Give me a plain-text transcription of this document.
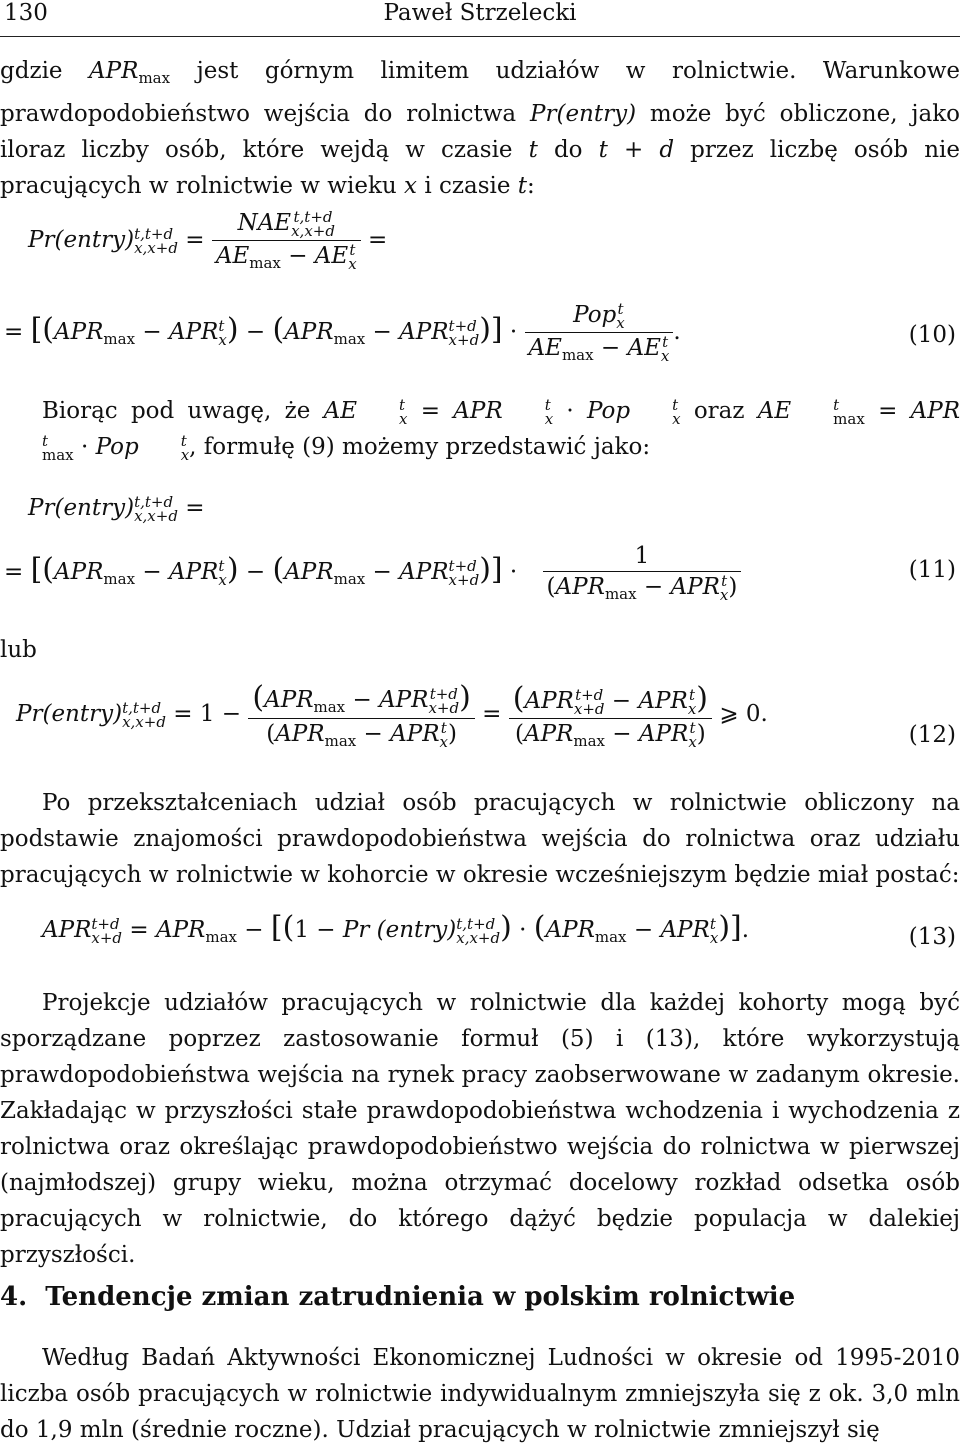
130	Paweł Strzelecki

gdzie $APR_{max}$ jest górnym limitem udziałów w rolnictwie. Warunkowe prawdopodobieństwo wejścia do rolnictwa Pr(entry) może być obliczone, jako iloraz liczby osób, które wejdą w czasie t do t + d przez liczbę osób nie pracujących w rolnictwie w wieku x i czasie t:

Pr(entry) t,t+d
x,x+d = NAE t,t+d
x,x+d
$AE_{max}$ − AE t
x =
= [($APR_{max}$ − APR t
x ) − ($APR_{max}$ − APR t+d
x+d )] · Pop t
x
$AE_{max}$ − AE t
x .	(10)

Biorąc pod uwagę, że AE	t
x = APR	t
x · Pop	t
x oraz AE	t
max = APR
t
max · Pop	t
x , formułę (9) możemy przedstawić jako:

Pr(entry) t,t+d
x,x+d =
= [($APR_{max}$ − APR t
x ) − ($APR_{max}$ − APR t+d
x+d )] · 1
($APR_{max}$ − APR t
x )	(11)

lub

Pr(entry) t,t+d
$x,x+d = 1 - (APR_{max}$ − APR t+d
x+d )
($APR_{max}$ − APR t
x ) = (APR t+d
x+d − APR t
x )
($APR_{max}$ − APR t
x ) ⩾ 0.
(12)

Po przekształceniach udział osób pracujących w rolnictwie obliczony na podstawie znajomości prawdopodobieństwa wejścia do rolnictwa oraz udziału pracujących w rolnictwie w kohorcie w okresie wcześniejszym będzie miał postać:

APR t+d
$x+d = APR_{max} - [(1 - Pr$ (entry) t,t+d
x,x+d ) · ($APR_{max}$ − APR t
x )].	(13)

Projekcje udziałów pracujących w rolnictwie dla każdej kohorty mogą być sporządzane poprzez zastosowanie formuł (5) i (13), które wykorzystują prawdopodobieństwa wejścia na rynek pracy zaobserwowane w zadanym okresie. Zakładając w przyszłości stałe prawdopodobieństwa wchodzenia i wychodzenia z rolnictwa oraz określając prawdopodobieństwo wejścia do rolnictwa w pierwszej (najmłodszej) grupy wieku, można otrzymać docelowy rozkład odsetka osób pracujących w rolnictwie, do którego dążyć będzie populacja w dalekiej przyszłości.

4. Tendencje zmian zatrudnienia w polskim rolnictwie

Według Badań Aktywności Ekonomicznej Ludności w okresie od 1995-2010 liczba osób pracujących w rolnictwie indywidualnym zmniejszyła się z ok. 3,0 mln do 1,9 mln (średnie roczne). Udział pracujących w rolnictwie zmniejszył się
